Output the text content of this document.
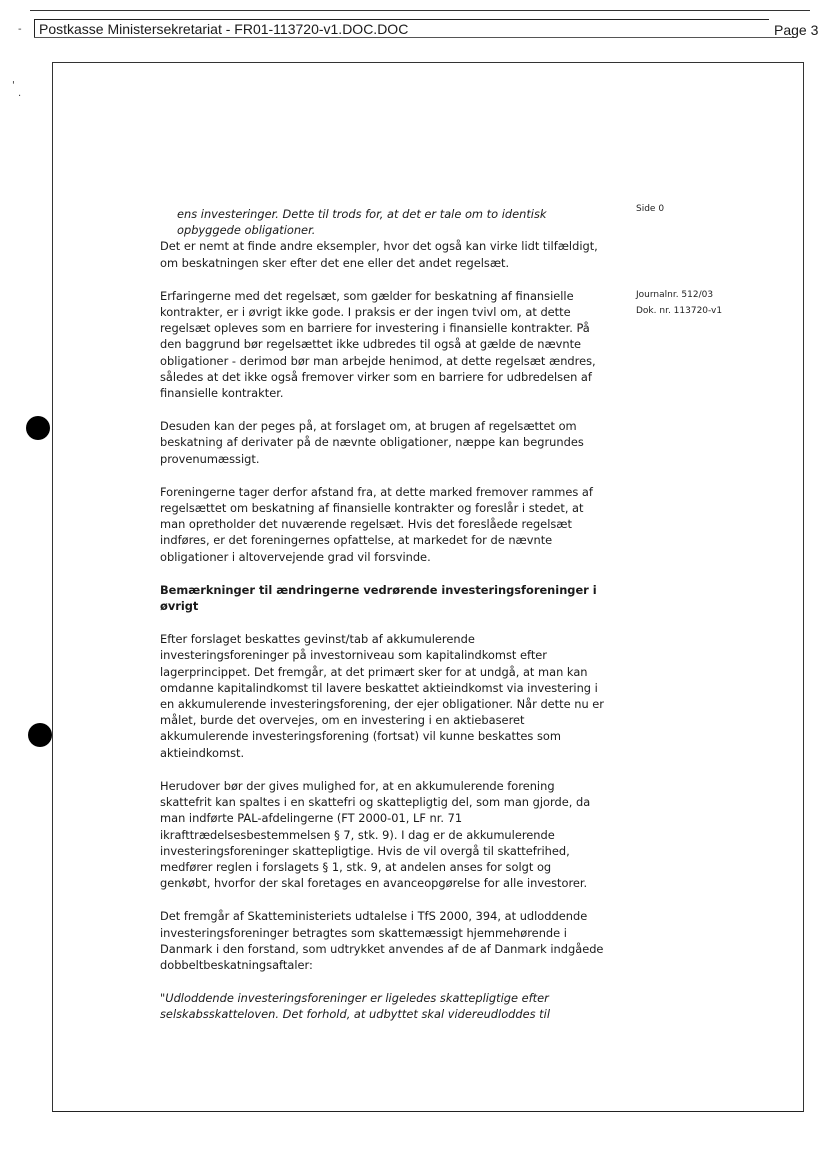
Postkasse Ministersekretariat - FR01-113720-v1.DOC.DOC	Page 3
-
'
.
Side 0
Journalnr. 512/03
Dok. nr. 113720-v1

ens investeringer. Dette til trods for, at det er tale om to identisk opbyggede obligationer.

Det er nemt at finde andre eksempler, hvor det også kan virke lidt tilfældigt, om beskatningen sker efter det ene eller det andet regelsæt.

Erfaringerne med det regelsæt, som gælder for beskatning af finansielle kontrakter, er i øvrigt ikke gode. I praksis er der ingen tvivl om, at dette regelsæt opleves som en barriere for investering i finansielle kontrakter. På den baggrund bør regelsættet ikke udbredes til også at gælde de nævnte obligationer - derimod bør man arbejde henimod, at dette regelsæt ændres, således at det ikke også fremover virker som en barriere for udbredelsen af finansielle kontrakter.

Desuden kan der peges på, at forslaget om, at brugen af regelsættet om beskatning af derivater på de nævnte obligationer, næppe kan begrundes provenumæssigt.

Foreningerne tager derfor afstand fra, at dette marked fremover rammes af regelsættet om beskatning af finansielle kontrakter og foreslår i stedet, at man opretholder det nuværende regelsæt. Hvis det foreslåede regelsæt indføres, er det foreningernes opfattelse, at markedet for de nævnte obligationer i altovervejende grad vil forsvinde.

Bemærkninger til ændringerne vedrørende investeringsforeninger i øvrigt

Efter forslaget beskattes gevinst/tab af akkumulerende investeringsforeninger på investorniveau som kapitalindkomst efter lagerprincippet. Det fremgår, at det primært sker for at undgå, at man kan omdanne kapitalindkomst til lavere beskattet aktieindkomst via investering i en akkumulerende investeringsforening, der ejer obligationer. Når dette nu er målet, burde det overvejes, om en investering i en aktiebaseret akkumulerende investeringsforening (fortsat) vil kunne beskattes som aktieindkomst.

Herudover bør der gives mulighed for, at en akkumulerende forening skattefrit kan spaltes i en skattefri og skattepligtig del, som man gjorde, da man indførte PAL-afdelingerne (FT 2000-01, LF nr. 71 ikrafttrædelsesbestemmelsen § 7, stk. 9). I dag er de akkumulerende investeringsforeninger skattepligtige. Hvis de vil overgå til skattefrihed, medfører reglen i forslagets § 1, stk. 9, at andelen anses for solgt og genkøbt, hvorfor der skal foretages en avanceopgørelse for alle investorer.

Det fremgår af Skatteministeriets udtalelse i TfS 2000, 394, at udloddende investeringsforeninger betragtes som skattemæssigt hjemmehørende i Danmark i den forstand, som udtrykket anvendes af de af Danmark indgåede dobbeltbeskatningsaftaler:

"Udloddende investeringsforeninger er ligeledes skattepligtige efter selskabsskatteloven. Det forhold, at udbyttet skal videreudloddes til
